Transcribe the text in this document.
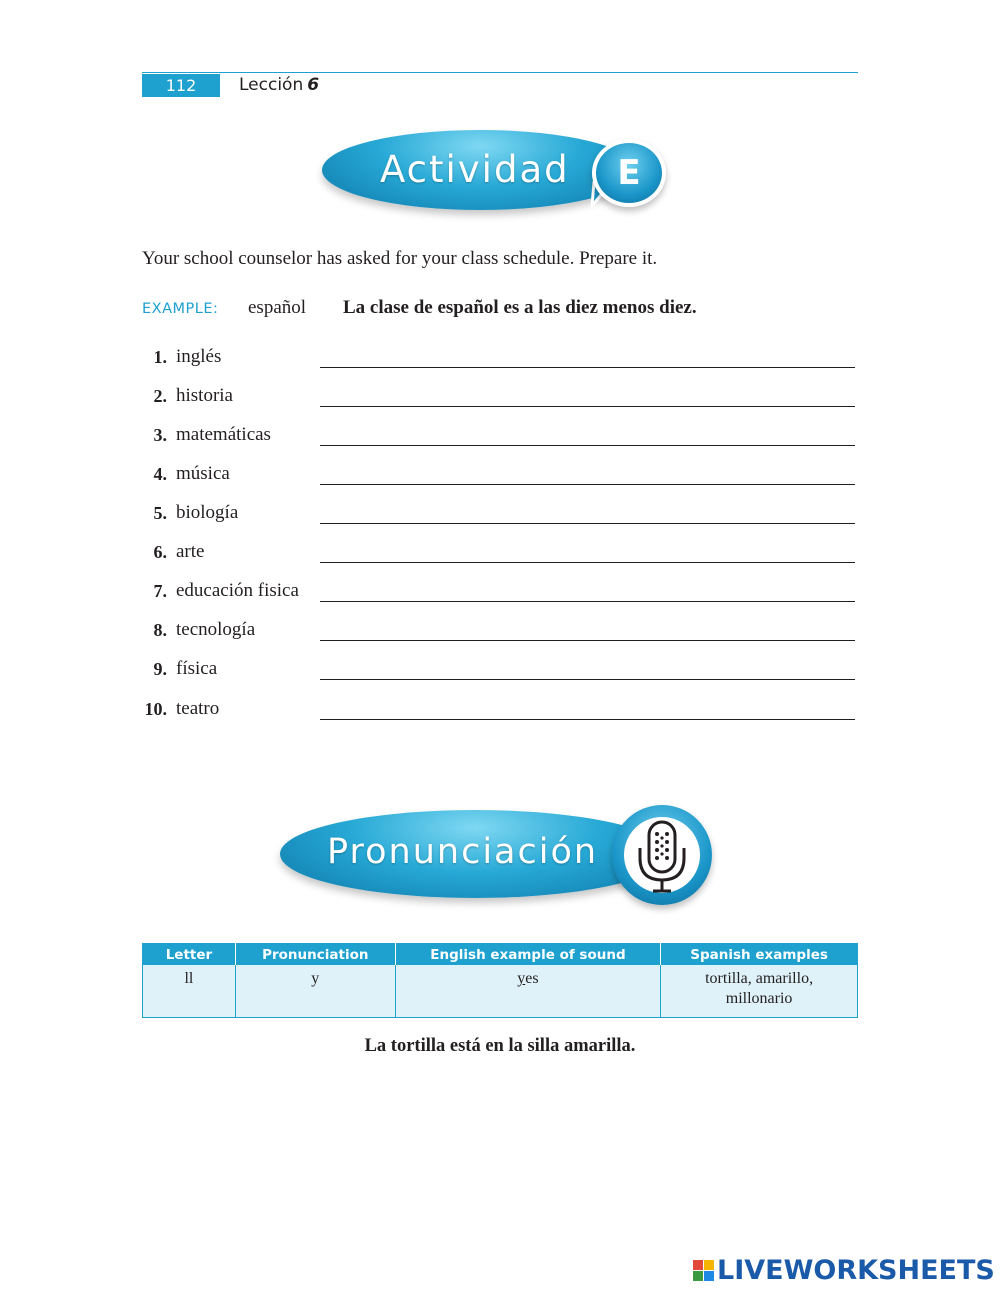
112	Lección 6
Actividad	E
Your school counselor has asked for your class schedule. Prepare it.
EXAMPLE: español La clase de español es a las diez menos diez.
1. inglés
2. historia
3. matemáticas
4. música
5. biología
6. arte
7. educación fisica
8. tecnología
9. física
10. teatro
Pronunciación
Letter	Pronunciation	English example of sound	Spanish examples
ll	y	yes	tortilla, amarillo, millonario
La tortilla está en la silla amarilla.
LIVEWORKSHEETS
